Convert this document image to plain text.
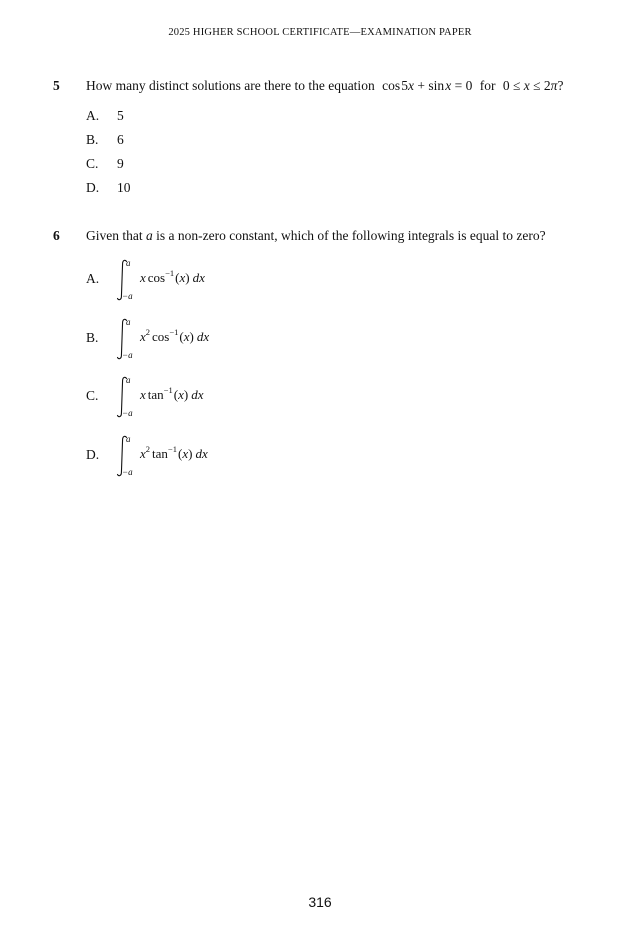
2025 HIGHER SCHOOL CERTIFICATE—EXAMINATION PAPER
5 How many distinct solutions are there to the equation cos 5x + sin x = 0 for 0 ≤ x ≤ 2π?
A. 5
B. 6
C. 9
D. 10
6 Given that a is a non-zero constant, which of the following integrals is equal to zero?
A.
B.
C.
D.
a
−a
x $\cos^{-1}(x)$ dx
a
−a
$x^2$ $\cos^{-1}(x)$ dx
a
−a
x $\tan^{-1}(x)$ dx
a
−a
$x^2$ $\tan^{-1}(x)$ dx
316
